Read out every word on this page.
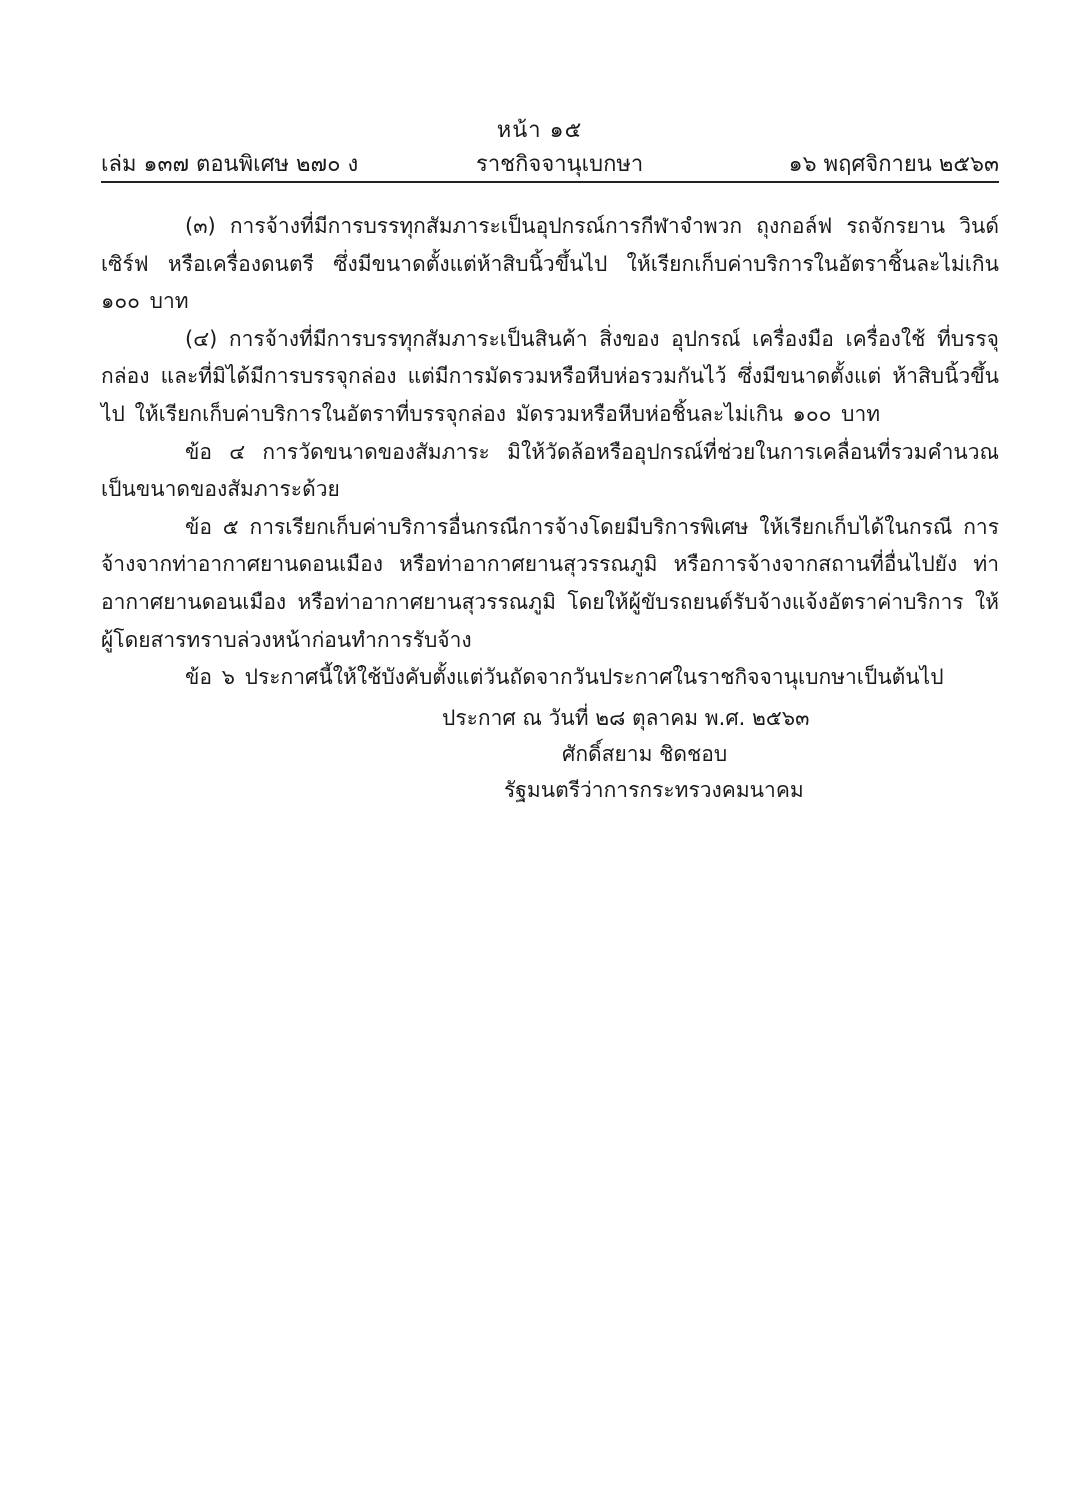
หน้า ๑๕
เล่ม ๑๓๗ ตอนพิเศษ ๒๗๐ ง	ราชกิจจานุเบกษา	๑๖ พฤศจิกายน ๒๕๖๓

(๓) การจ้างที่มีการบรรทุกสัมภาระเป็นอุปกรณ์การกีฬาจำพวก ถุงกอล์ฟ รถจักรยาน วินด์เซิร์ฟ หรือเครื่องดนตรี ซึ่งมีขนาดตั้งแต่ห้าสิบนิ้วขึ้นไป ให้เรียกเก็บค่าบริการในอัตราชิ้นละไม่เกิน ๑๐๐ บาท

(๔) การจ้างที่มีการบรรทุกสัมภาระเป็นสินค้า สิ่งของ อุปกรณ์ เครื่องมือ เครื่องใช้ ที่บรรจุกล่อง และที่มิได้มีการบรรจุกล่อง แต่มีการมัดรวมหรือหีบห่อรวมกันไว้ ซึ่งมีขนาดตั้งแต่ ห้าสิบนิ้วขึ้นไป ให้เรียกเก็บค่าบริการในอัตราที่บรรจุกล่อง มัดรวมหรือหีบห่อชิ้นละไม่เกิน ๑๐๐ บาท

ข้อ ๔ การวัดขนาดของสัมภาระ มิให้วัดล้อหรืออุปกรณ์ที่ช่วยในการเคลื่อนที่รวมคำนวณ เป็นขนาดของสัมภาระด้วย

ข้อ ๕ การเรียกเก็บค่าบริการอื่นกรณีการจ้างโดยมีบริการพิเศษ ให้เรียกเก็บได้ในกรณี การจ้างจากท่าอากาศยานดอนเมือง หรือท่าอากาศยานสุวรรณภูมิ หรือการจ้างจากสถานที่อื่นไปยัง ท่าอากาศยานดอนเมือง หรือท่าอากาศยานสุวรรณภูมิ โดยให้ผู้ขับรถยนต์รับจ้างแจ้งอัตราค่าบริการ ให้ผู้โดยสารทราบล่วงหน้าก่อนทำการรับจ้าง

ข้อ ๖ ประกาศนี้ให้ใช้บังคับตั้งแต่วันถัดจากวันประกาศในราชกิจจานุเบกษาเป็นต้นไป

ประกาศ ณ วันที่ ๒๘ ตุลาคม พ.ศ. ๒๕๖๓
ศักดิ์สยาม ชิดชอบ
รัฐมนตรีว่าการกระทรวงคมนาคม
